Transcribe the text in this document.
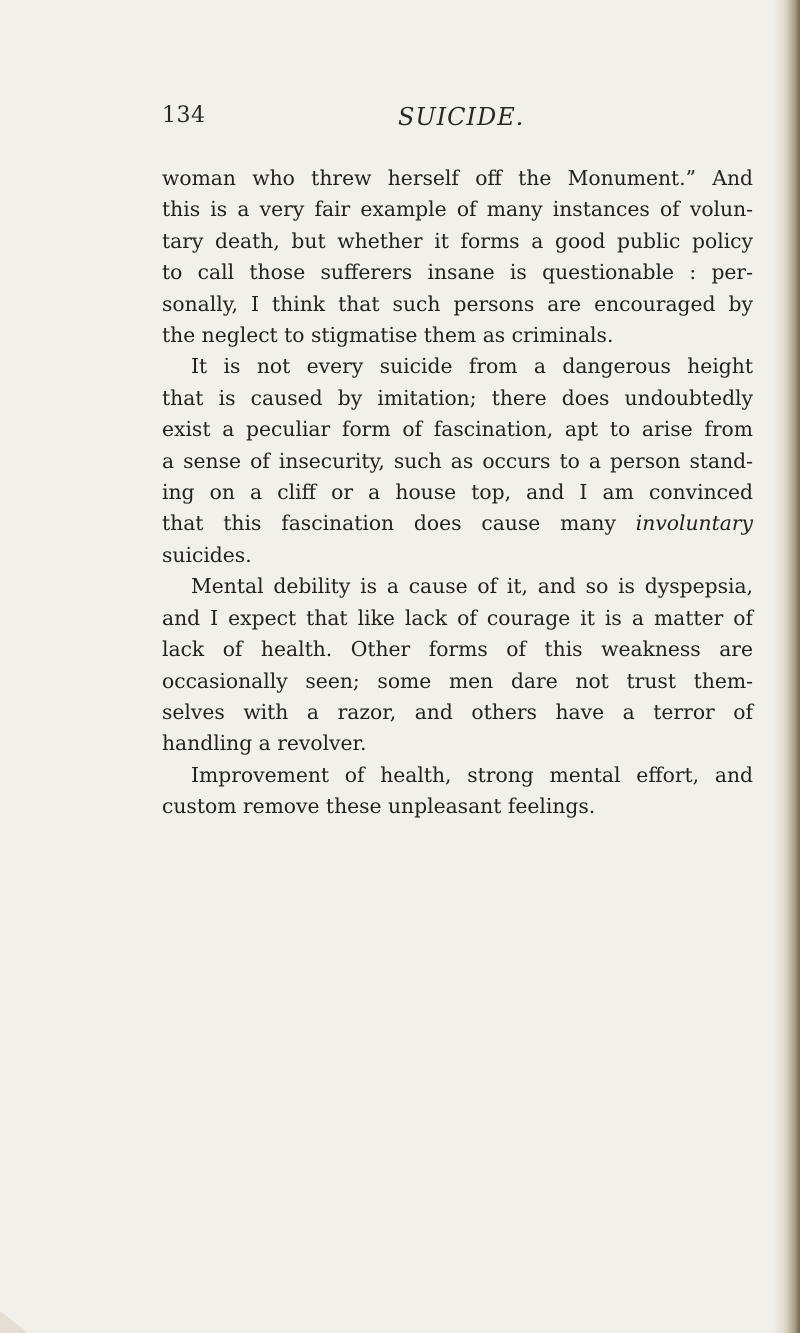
134	SUICIDE.
woman who threw herself off the Monument.” And
this is a very fair example of many instances of volun-
tary death, but whether it forms a good public policy
to call those sufferers insane is questionable : per-
sonally, I think that such persons are encouraged by
the neglect to stigmatise them as criminals.
It is not every suicide from a dangerous height
that is caused by imitation; there does undoubtedly
exist a peculiar form of fascination, apt to arise from
a sense of insecurity, such as occurs to a person stand-
ing on a cliff or a house top, and I am convinced
that this fascination does cause many involuntary
suicides.
Mental debility is a cause of it, and so is dyspepsia,
and I expect that like lack of courage it is a matter of
lack of health. Other forms of this weakness are
occasionally seen; some men dare not trust them-
selves with a razor, and others have a terror of
handling a revolver.
Improvement of health, strong mental effort, and
custom remove these unpleasant feelings.
